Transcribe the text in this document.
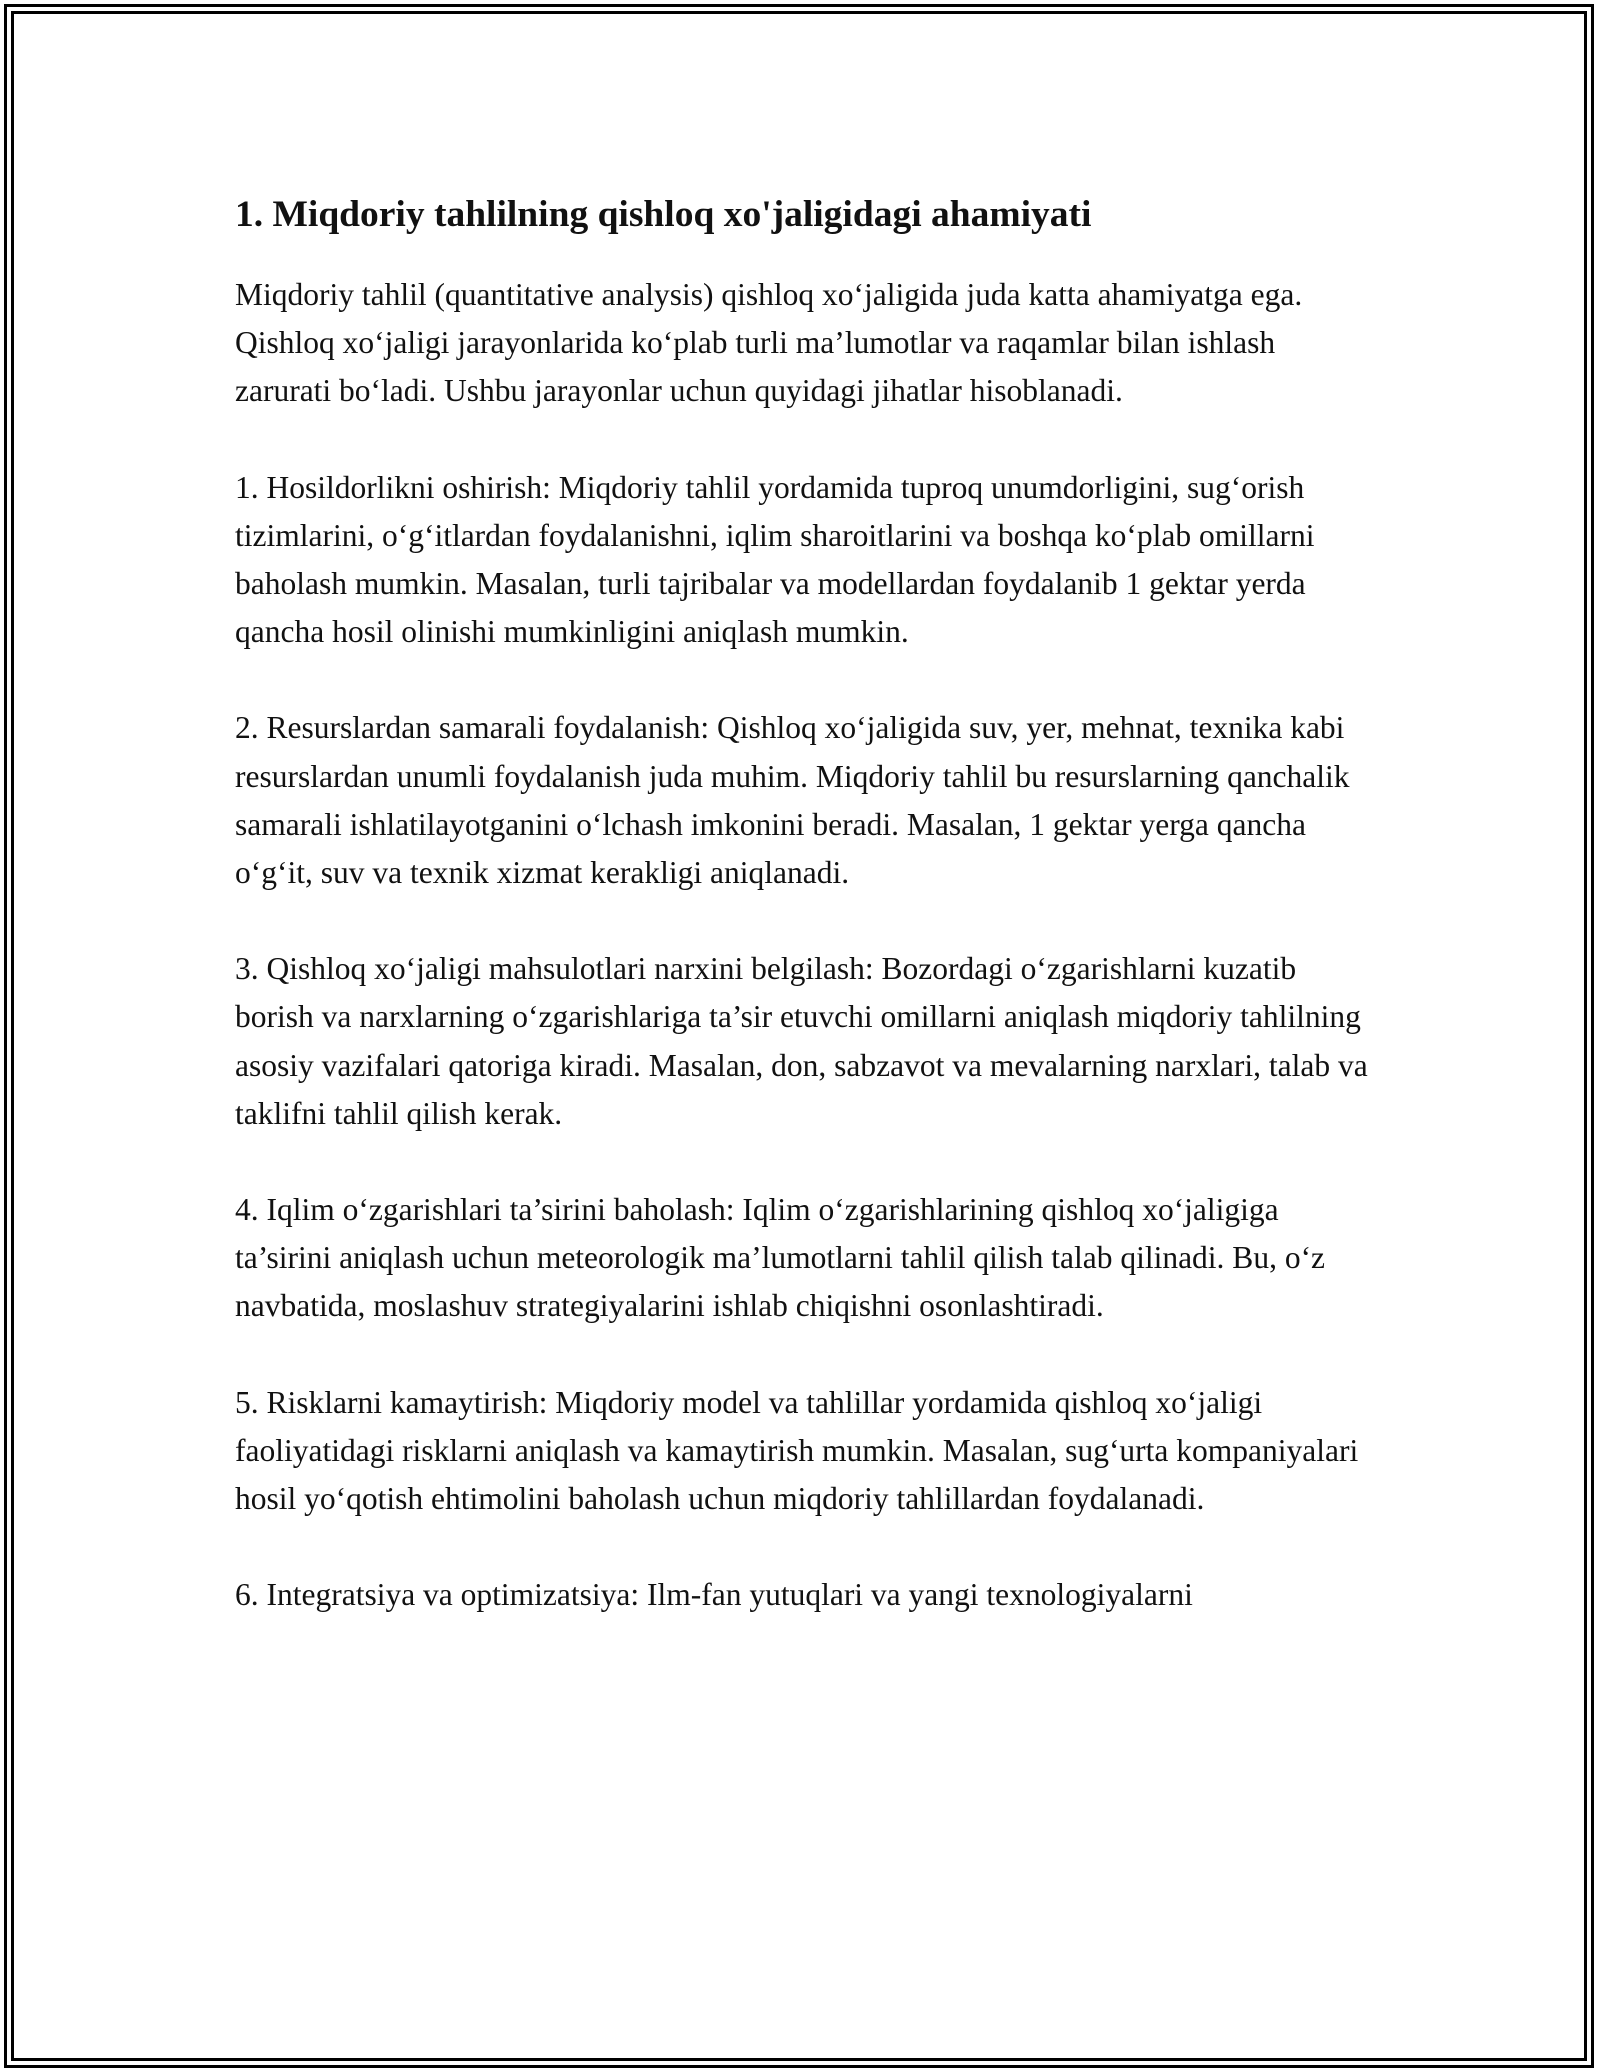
1. Miqdoriy tahlilning qishloq xo'jaligidagi ahamiyati

Miqdoriy tahlil (quantitative analysis) qishloq xo‘jaligida juda katta ahamiyatga ega. Qishloq xo‘jaligi jarayonlarida ko‘plab turli ma’lumotlar va raqamlar bilan ishlash zarurati bo‘ladi. Ushbu jarayonlar uchun quyidagi jihatlar hisoblanadi.

1. Hosildorlikni oshirish: Miqdoriy tahlil yordamida tuproq unumdorligini, sug‘orish tizimlarini, o‘g‘itlardan foydalanishni, iqlim sharoitlarini va boshqa ko‘plab omillarni baholash mumkin. Masalan, turli tajribalar va modellardan foydalanib 1 gektar yerda qancha hosil olinishi mumkinligini aniqlash mumkin.

2. Resurslardan samarali foydalanish: Qishloq xo‘jaligida suv, yer, mehnat, texnika kabi resurslardan unumli foydalanish juda muhim. Miqdoriy tahlil bu resurslarning qanchalik samarali ishlatilayotganini o‘lchash imkonini beradi. Masalan, 1 gektar yerga qancha o‘g‘it, suv va texnik xizmat kerakligi aniqlanadi.

3. Qishloq xo‘jaligi mahsulotlari narxini belgilash: Bozordagi o‘zgarishlarni kuzatib borish va narxlarning o‘zgarishlariga ta’sir etuvchi omillarni aniqlash miqdoriy tahlilning asosiy vazifalari qatoriga kiradi. Masalan, don, sabzavot va mevalarning narxlari, talab va taklifni tahlil qilish kerak.

4. Iqlim o‘zgarishlari ta’sirini baholash: Iqlim o‘zgarishlarining qishloq xo‘jaligiga ta’sirini aniqlash uchun meteorologik ma’lumotlarni tahlil qilish talab qilinadi. Bu, o‘z navbatida, moslashuv strategiyalarini ishlab chiqishni osonlashtiradi.

5. Risklarni kamaytirish: Miqdoriy model va tahlillar yordamida qishloq xo‘jaligi faoliyatidagi risklarni aniqlash va kamaytirish mumkin. Masalan, sug‘urta kompaniyalari hosil yo‘qotish ehtimolini baholash uchun miqdoriy tahlillardan foydalanadi.

6. Integratsiya va optimizatsiya: Ilm-fan yutuqlari va yangi texnologiyalarni
